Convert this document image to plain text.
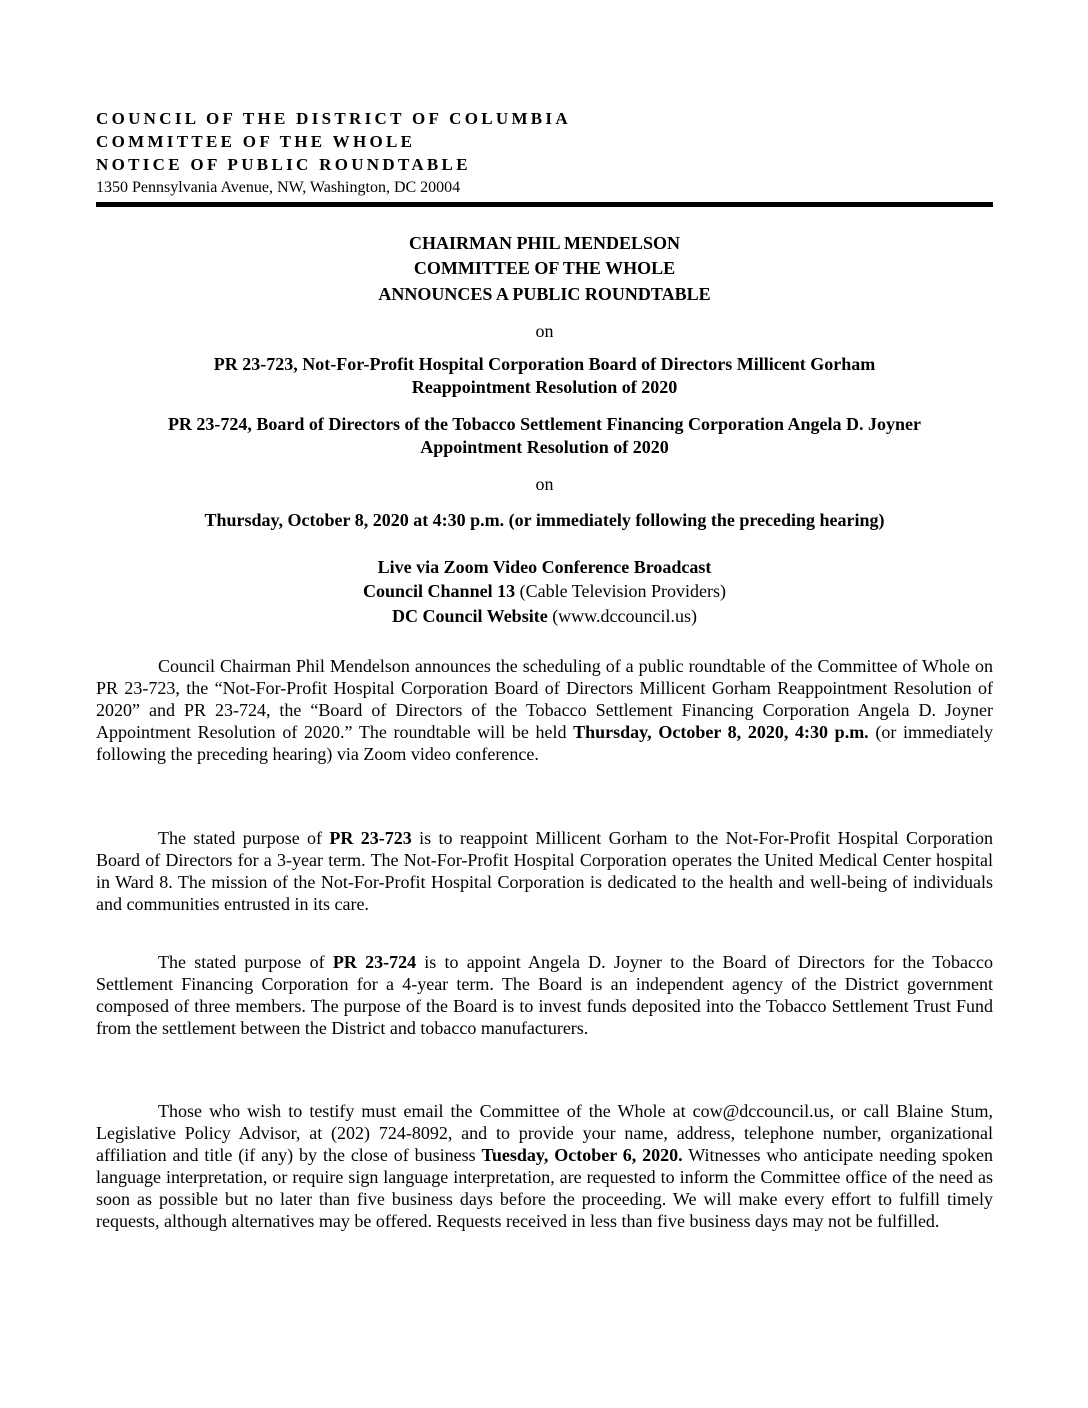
COUNCIL OF THE DISTRICT OF COLUMBIA
COMMITTEE OF THE WHOLE
NOTICE OF PUBLIC ROUNDTABLE
1350 Pennsylvania Avenue, NW, Washington, DC 20004
CHAIRMAN PHIL MENDELSON
COMMITTEE OF THE WHOLE
ANNOUNCES A PUBLIC ROUNDTABLE
on
PR 23-723, Not-For-Profit Hospital Corporation Board of Directors Millicent Gorham
Reappointment Resolution of 2020
PR 23-724, Board of Directors of the Tobacco Settlement Financing Corporation Angela D. Joyner
Appointment Resolution of 2020
on
Thursday, October 8, 2020 at 4:30 p.m. (or immediately following the preceding hearing)
Live via Zoom Video Conference Broadcast
Council Channel 13 (Cable Television Providers)
DC Council Website (www.dccouncil.us)
Council Chairman Phil Mendelson announces the scheduling of a public roundtable of the Committee of Whole on PR 23-723, the “Not-For-Profit Hospital Corporation Board of Directors Millicent Gorham Reappointment Resolution of 2020” and PR 23-724, the “Board of Directors of the Tobacco Settlement Financing Corporation Angela D. Joyner Appointment Resolution of 2020.” The roundtable will be held Thursday, October 8, 2020, 4:30 p.m. (or immediately following the preceding hearing) via Zoom video conference.
The stated purpose of PR 23-723 is to reappoint Millicent Gorham to the Not-For-Profit Hospital Corporation Board of Directors for a 3-year term. The Not-For-Profit Hospital Corporation operates the United Medical Center hospital in Ward 8. The mission of the Not-For-Profit Hospital Corporation is dedicated to the health and well-being of individuals and communities entrusted in its care.
The stated purpose of PR 23-724 is to appoint Angela D. Joyner to the Board of Directors for the Tobacco Settlement Financing Corporation for a 4-year term. The Board is an independent agency of the District government composed of three members. The purpose of the Board is to invest funds deposited into the Tobacco Settlement Trust Fund from the settlement between the District and tobacco manufacturers.
Those who wish to testify must email the Committee of the Whole at cow@dccouncil.us, or call Blaine Stum, Legislative Policy Advisor, at (202) 724-8092, and to provide your name, address, telephone number, organizational affiliation and title (if any) by the close of business Tuesday, October 6, 2020. Witnesses who anticipate needing spoken language interpretation, or require sign language interpretation, are requested to inform the Committee office of the need as soon as possible but no later than five business days before the proceeding. We will make every effort to fulfill timely requests, although alternatives may be offered. Requests received in less than five business days may not be fulfilled.
